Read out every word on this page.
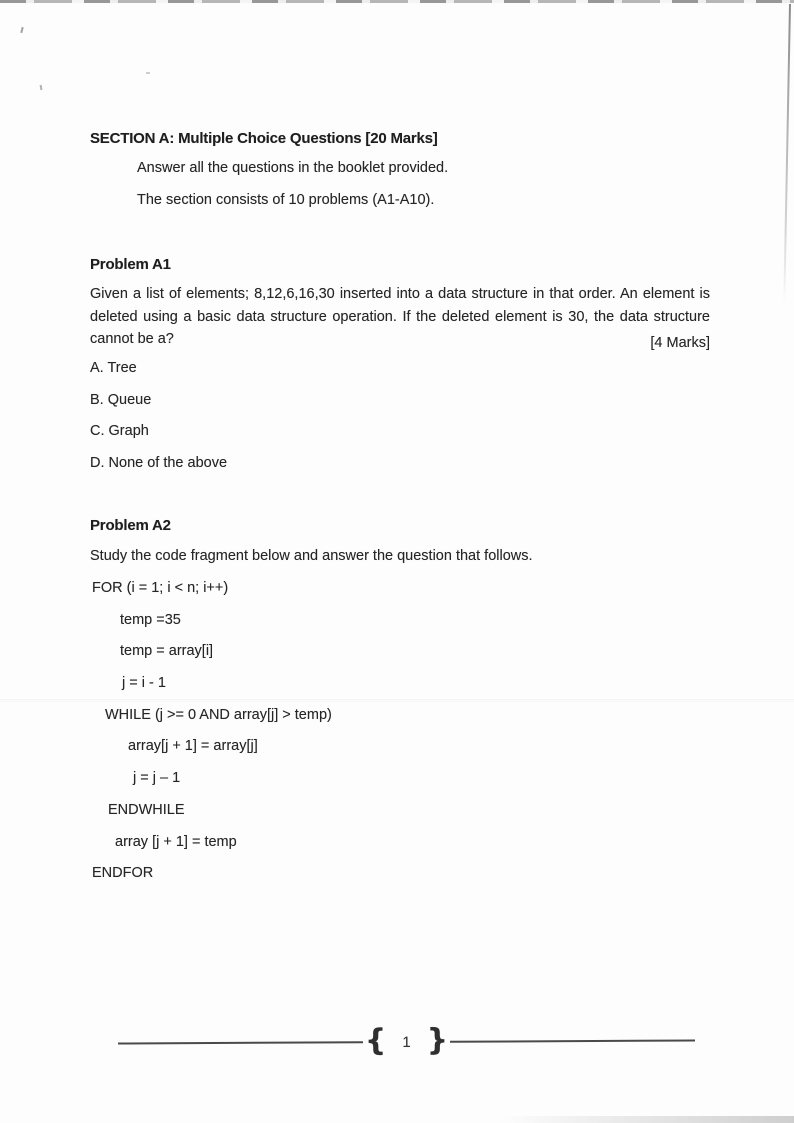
SECTION A: Multiple Choice Questions [20 Marks]
Answer all the questions in the booklet provided.
The section consists of 10 problems (A1-A10).
Problem A1
Given a list of elements; 8,12,6,16,30 inserted into a data structure in that order. An element is deleted using a basic data structure operation. If the deleted element is 30, the data structure cannot be a?	[4 Marks]
A. Tree
B. Queue
C. Graph
D. None of the above
Problem A2
Study the code fragment below and answer the question that follows.
FOR (i = 1; i < n; i++)
temp =35
temp = array[i]
j = i - 1
WHILE (j >= 0 AND array[j] > temp)
array[j + 1] = array[j]
j = j – 1
ENDWHILE
array [j + 1] = temp
ENDFOR
{	1 }
